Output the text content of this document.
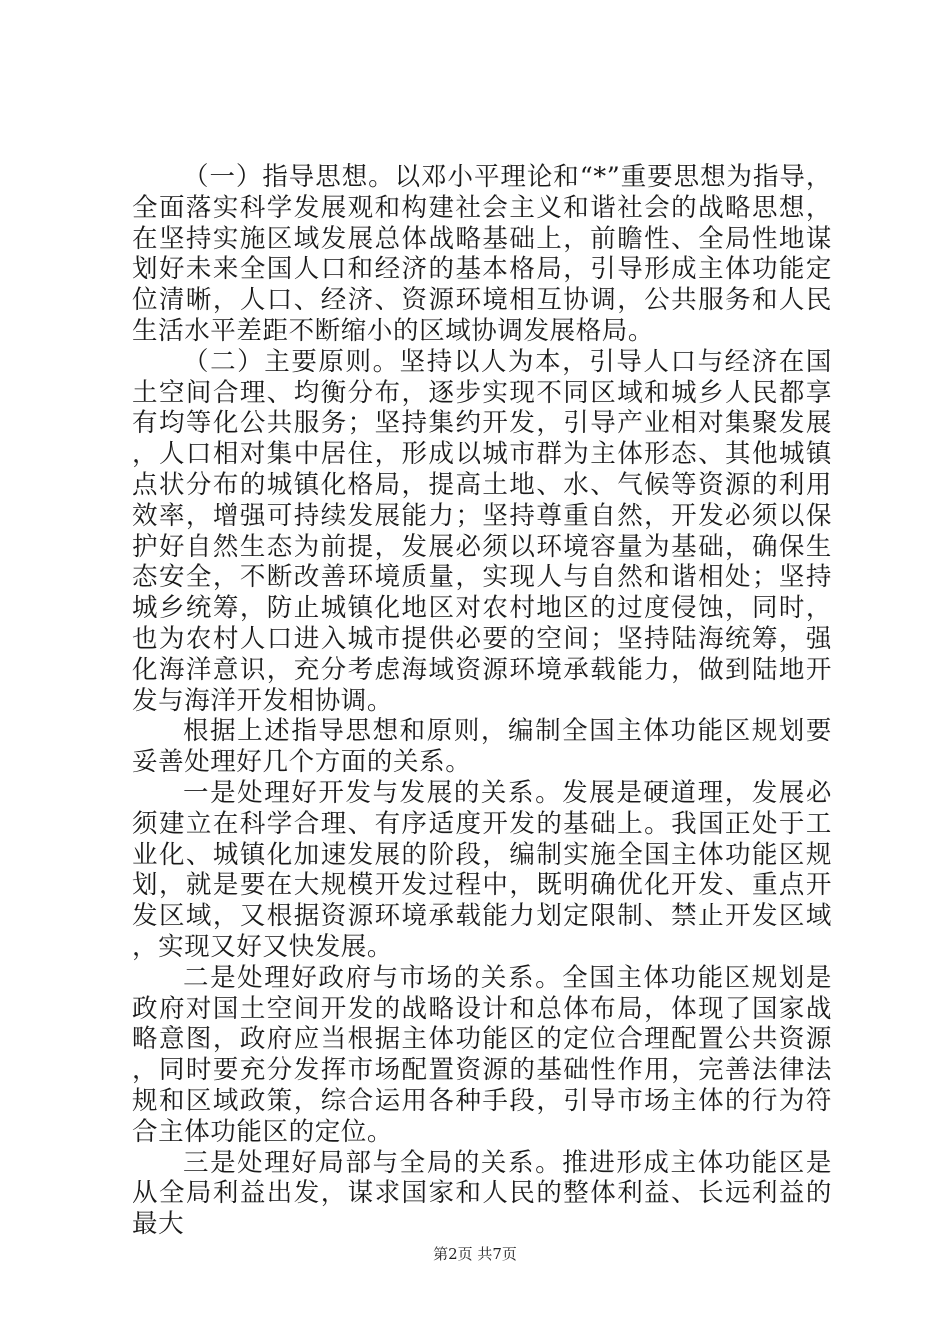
（一）指导思想。以邓小平理论和“*”重要思想为指导，全面落实科学发展观和构建社会主义和谐社会的战略思想，在坚持实施区域发展总体战略基础上，前瞻性、全局性地谋划好未来全国人口和经济的基本格局，引导形成主体功能定位清晰，人口、经济、资源环境相互协调，公共服务和人民生活水平差距不断缩小的区域协调发展格局。

（二）主要原则。坚持以人为本，引导人口与经济在国土空间合理、均衡分布，逐步实现不同区域和城乡人民都享有均等化公共服务；坚持集约开发，引导产业相对集聚发展，人口相对集中居住，形成以城市群为主体形态、其他城镇点状分布的城镇化格局，提高土地、水、气候等资源的利用效率，增强可持续发展能力；坚持尊重自然，开发必须以保护好自然生态为前提，发展必须以环境容量为基础，确保生态安全，不断改善环境质量，实现人与自然和谐相处；坚持城乡统筹，防止城镇化地区对农村地区的过度侵蚀，同时，也为农村人口进入城市提供必要的空间；坚持陆海统筹，强化海洋意识，充分考虑海域资源环境承载能力，做到陆地开发与海洋开发相协调。

根据上述指导思想和原则，编制全国主体功能区规划要妥善处理好几个方面的关系。

一是处理好开发与发展的关系。发展是硬道理，发展必须建立在科学合理、有序适度开发的基础上。我国正处于工业化、城镇化加速发展的阶段，编制实施全国主体功能区规划，就是要在大规模开发过程中，既明确优化开发、重点开发区域，又根据资源环境承载能力划定限制、禁止开发区域，实现又好又快发展。

二是处理好政府与市场的关系。全国主体功能区规划是政府对国土空间开发的战略设计和总体布局，体现了国家战略意图，政府应当根据主体功能区的定位合理配置公共资源，同时要充分发挥市场配置资源的基础性作用，完善法律法规和区域政策，综合运用各种手段，引导市场主体的行为符合主体功能区的定位。

三是处理好局部与全局的关系。推进形成主体功能区是从全局利益出发，谋求国家和人民的整体利益、长远利益的最大

第2页 共7页
